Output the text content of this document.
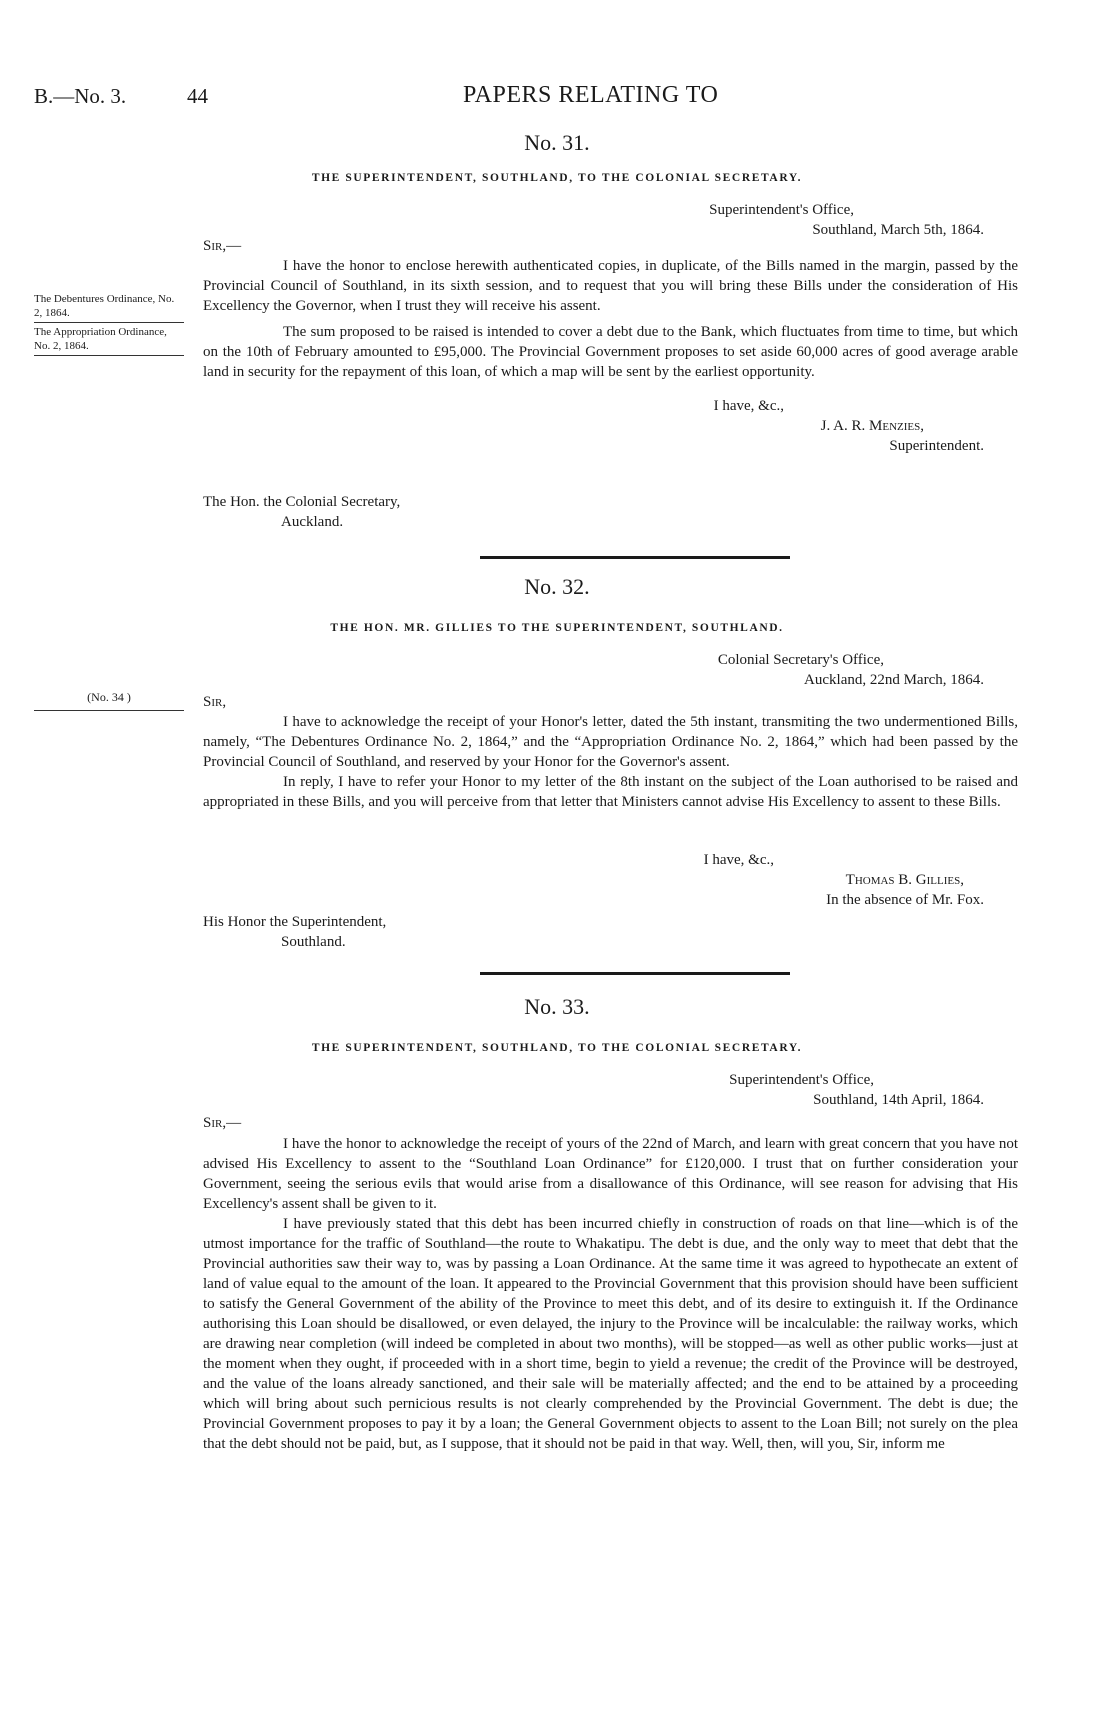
B.—No. 3.	44	PAPERS RELATING TO
No. 31.
THE SUPERINTENDENT, SOUTHLAND, TO THE COLONIAL SECRETARY.
Superintendent's Office,
Southland, March 5th, 1864.
Sir,—

I have the honor to enclose herewith authenticated copies, in duplicate, of the Bills named in the margin, passed by the Provincial Council of Southland, in its sixth session, and to request that you will bring these Bills under the consideration of His Excellency the Governor, when I trust they will receive his assent.

The sum proposed to be raised is intended to cover a debt due to the Bank, which fluctuates from time to time, but which on the 10th of February amounted to £95,000. The Provincial Government proposes to set aside 60,000 acres of good average arable land in security for the repayment of this loan, of which a map will be sent by the earliest opportunity.

I have, &c.,
J. A. R. Menzies,
Superintendent.
The Hon. the Colonial Secretary,
Auckland.
No. 32.
THE HON. MR. GILLIES TO THE SUPERINTENDENT, SOUTHLAND.
Colonial Secretary's Office,
Auckland, 22nd March, 1864.
Sir,

I have to acknowledge the receipt of your Honor's letter, dated the 5th instant, transmiting the two undermentioned Bills, namely, “The Debentures Ordinance No. 2, 1864,” and the “Appropriation Ordinance No. 2, 1864,” which had been passed by the Provincial Council of Southland, and reserved by your Honor for the Governor's assent.

In reply, I have to refer your Honor to my letter of the 8th instant on the subject of the Loan authorised to be raised and appropriated in these Bills, and you will perceive from that letter that Ministers cannot advise His Excellency to assent to these Bills.

I have, &c.,
Thomas B. Gillies,
In the absence of Mr. Fox.
His Honor the Superintendent,
Southland.
No. 33.
THE SUPERINTENDENT, SOUTHLAND, TO THE COLONIAL SECRETARY.
Superintendent's Office,
Southland, 14th April, 1864.
Sir,—

I have the honor to acknowledge the receipt of yours of the 22nd of March, and learn with great concern that you have not advised His Excellency to assent to the “Southland Loan Ordinance” for £120,000. I trust that on further consideration your Government, seeing the serious evils that would arise from a disallowance of this Ordinance, will see reason for advising that His Excellency's assent shall be given to it.

I have previously stated that this debt has been incurred chiefly in construction of roads on that line—which is of the utmost importance for the traffic of Southland—the route to Whakatipu. The debt is due, and the only way to meet that debt that the Provincial authorities saw their way to, was by passing a Loan Ordinance. At the same time it was agreed to hypothecate an extent of land of value equal to the amount of the loan. It appeared to the Provincial Government that this provision should have been sufficient to satisfy the General Government of the ability of the Province to meet this debt, and of its desire to extinguish it. If the Ordinance authorising this Loan should be disallowed, or even delayed, the injury to the Province will be incalculable: the railway works, which are drawing near completion (will indeed be completed in about two months), will be stopped—as well as other public works—just at the moment when they ought, if proceeded with in a short time, begin to yield a revenue; the credit of the Province will be destroyed, and the value of the loans already sanctioned, and their sale will be materially affected; and the end to be attained by a proceeding which will bring about such pernicious results is not clearly comprehended by the Provincial Government. The debt is due; the Provincial Government proposes to pay it by a loan; the General Government objects to assent to the Loan Bill; not surely on the plea that the debt should not be paid, but, as I suppose, that it should not be paid in that way. Well, then, will you, Sir, inform me

The Debentures Ordinance, No. 2, 1864.
The Appropriation Ordinance, No. 2, 1864.
(No. 34 )
